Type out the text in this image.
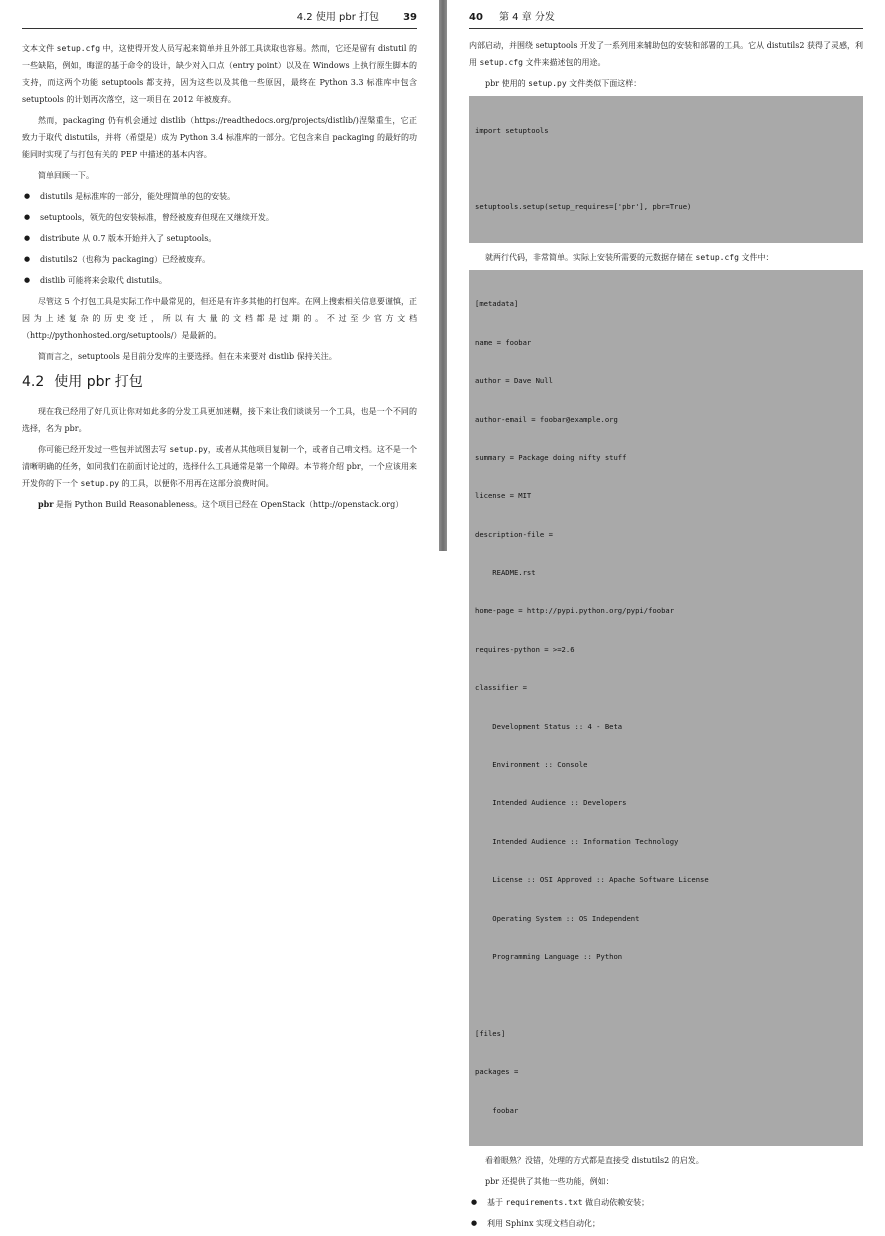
4.2 使用 pbr 打包 39

文本文件 setup.cfg 中，这使得开发人员写起来简单并且外部工具读取也容易。然而，它还是留有 distutil 的一些缺陷，例如，晦涩的基于命令的设计，缺少对入口点（entry point）以及在 Windows 上执行原生脚本的支持，而这两个功能 setuptools 都支持，因为这些以及其他一些原因，最终在 Python 3.3 标准库中包含 setuptools 的计划再次落空，这一项目在 2012 年被废弃。

然而，packaging 仍有机会通过 distlib（https://readthedocs.org/projects/distlib/)涅槃重生，它正致力于取代 distutils，并将（希望是）成为 Python 3.4 标准库的一部分。它包含来自 packaging 的最好的功能同时实现了与打包有关的 PEP 中描述的基本内容。

简单回顾一下。

● distutils 是标准库的一部分，能处理简单的包的安装。
● setuptools，领先的包安装标准，曾经被废弃但现在又继续开发。
● distribute 从 0.7 版本开始并入了 setuptools。
● distutils2（也称为 packaging）已经被废弃。
● distlib 可能将来会取代 distutils。

尽管这 5 个打包工具是实际工作中最常见的，但还是有许多其他的打包库。在网上搜索相关信息要谨慎，正因为上述复杂的历史变迁，所以有大量的文档都是过期的。不过至少官方文档（http://pythonhosted.org/setuptools/）是最新的。

简而言之，setuptools 是目前分发库的主要选择。但在未来要对 distlib 保持关注。

4.2 使用 pbr 打包

现在我已经用了好几页让你对如此多的分发工具更加迷糊，接下来让我们谈谈另一个工具，也是一个不同的选择，名为 pbr。

你可能已经开发过一些包并试图去写 setup.py，或者从其他项目复制一个，或者自己啃文档。这不是一个清晰明确的任务，如同我们在前面讨论过的，选择什么工具通常是第一个障碍。本节将介绍 pbr，一个应该用来开发你的下一个 setup.py 的工具，以便你不用再在这部分浪费时间。

pbr 是指 Python Build Reasonableness。这个项目已经在 OpenStack（http://openstack.org）

40 第 4 章 分发

内部启动，并围绕 setuptools 开发了一系列用来辅助包的安装和部署的工具。它从 distutils2 获得了灵感，利用 setup.cfg 文件来描述包的用途。

pbr 使用的 setup.py 文件类似下面这样：

import setuptools

setuptools.setup(setup_requires=['pbr'], pbr=True)

就两行代码，非常简单。实际上安装所需要的元数据存储在 setup.cfg 文件中：

[metadata]

name = foobar

author = Dave Null

author-email = foobar@example.org

summary = Package doing nifty stuff

license = MIT

description-file =

README.rst

home-page = http://pypi.python.org/pypi/foobar

requires-python = >=2.6

classifier =

Development Status :: 4 - Beta

Environment :: Console

Intended Audience :: Developers

Intended Audience :: Information Technology

License :: OSI Approved :: Apache Software License

Operating System :: OS Independent

Programming Language :: Python

[files]

packages =

foobar

看着眼熟？没错，处理的方式都是直接受 distutils2 的启发。

pbr 还提供了其他一些功能，例如：

● 基于 requirements.txt 做自动依赖安装；
● 利用 Sphinx 实现文档自动化；
